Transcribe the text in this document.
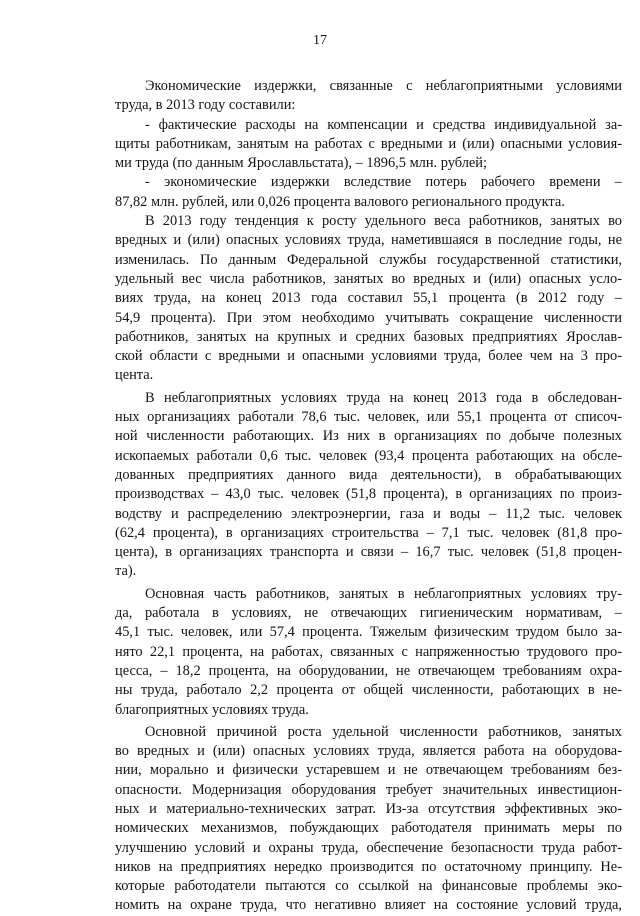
17
Экономические издержки, связанные с неблагоприятными условиями
труда, в 2013 году составили:
- фактические расходы на компенсации и средства индивидуальной за-
щиты работникам, занятым на работах с вредными и (или) опасными условия-
ми труда (по данным Ярославльстата), – 1896,5 млн. рублей;
- экономические издержки вследствие потерь рабочего времени –
87,82 млн. рублей, или 0,026 процента валового регионального продукта.
В 2013 году тенденция к росту удельного веса работников, занятых во
вредных и (или) опасных условиях труда, наметившаяся в последние годы, не
изменилась. По данным Федеральной службы государственной статистики,
удельный вес числа работников, занятых во вредных и (или) опасных усло-
виях труда, на конец 2013 года составил 55,1 процента (в 2012 году –
54,9 процента). При этом необходимо учитывать сокращение численности
работников, занятых на крупных и средних базовых предприятиях Ярослав-
ской области с вредными и опасными условиями труда, более чем на 3 про-
цента.
В неблагоприятных условиях труда на конец 2013 года в обследован-
ных организациях работали 78,6 тыс. человек, или 55,1 процента от списоч-
ной численности работающих. Из них в организациях по добыче полезных
ископаемых работали 0,6 тыс. человек (93,4 процента работающих на обсле-
дованных предприятиях данного вида деятельности), в обрабатывающих
производствах – 43,0 тыс. человек (51,8 процента), в организациях по произ-
водству и распределению электроэнергии, газа и воды – 11,2 тыс. человек
(62,4 процента), в организациях строительства – 7,1 тыс. человек (81,8 про-
цента), в организациях транспорта и связи – 16,7 тыс. человек (51,8 процен-
та).
Основная часть работников, занятых в неблагоприятных условиях тру-
да, работала в условиях, не отвечающих гигиеническим нормативам, –
45,1 тыс. человек, или 57,4 процента. Тяжелым физическим трудом было за-
нято 22,1 процента, на работах, связанных с напряженностью трудового про-
цесса, – 18,2 процента, на оборудовании, не отвечающем требованиям охра-
ны труда, работало 2,2 процента от общей численности, работающих в не-
благоприятных условиях труда.
Основной причиной роста удельной численности работников, занятых
во вредных и (или) опасных условиях труда, является работа на оборудова-
нии, морально и физически устаревшем и не отвечающем требованиям без-
опасности. Модернизация оборудования требует значительных инвестицион-
ных и материально-технических затрат. Из-за отсутствия эффективных эко-
номических механизмов, побуждающих работодателя принимать меры по
улучшению условий и охраны труда, обеспечение безопасности труда работ-
ников на предприятиях нередко производится по остаточному принципу. Не-
которые работодатели пытаются со ссылкой на финансовые проблемы эко-
номить на охране труда, что негативно влияет на состояние условий труда,
